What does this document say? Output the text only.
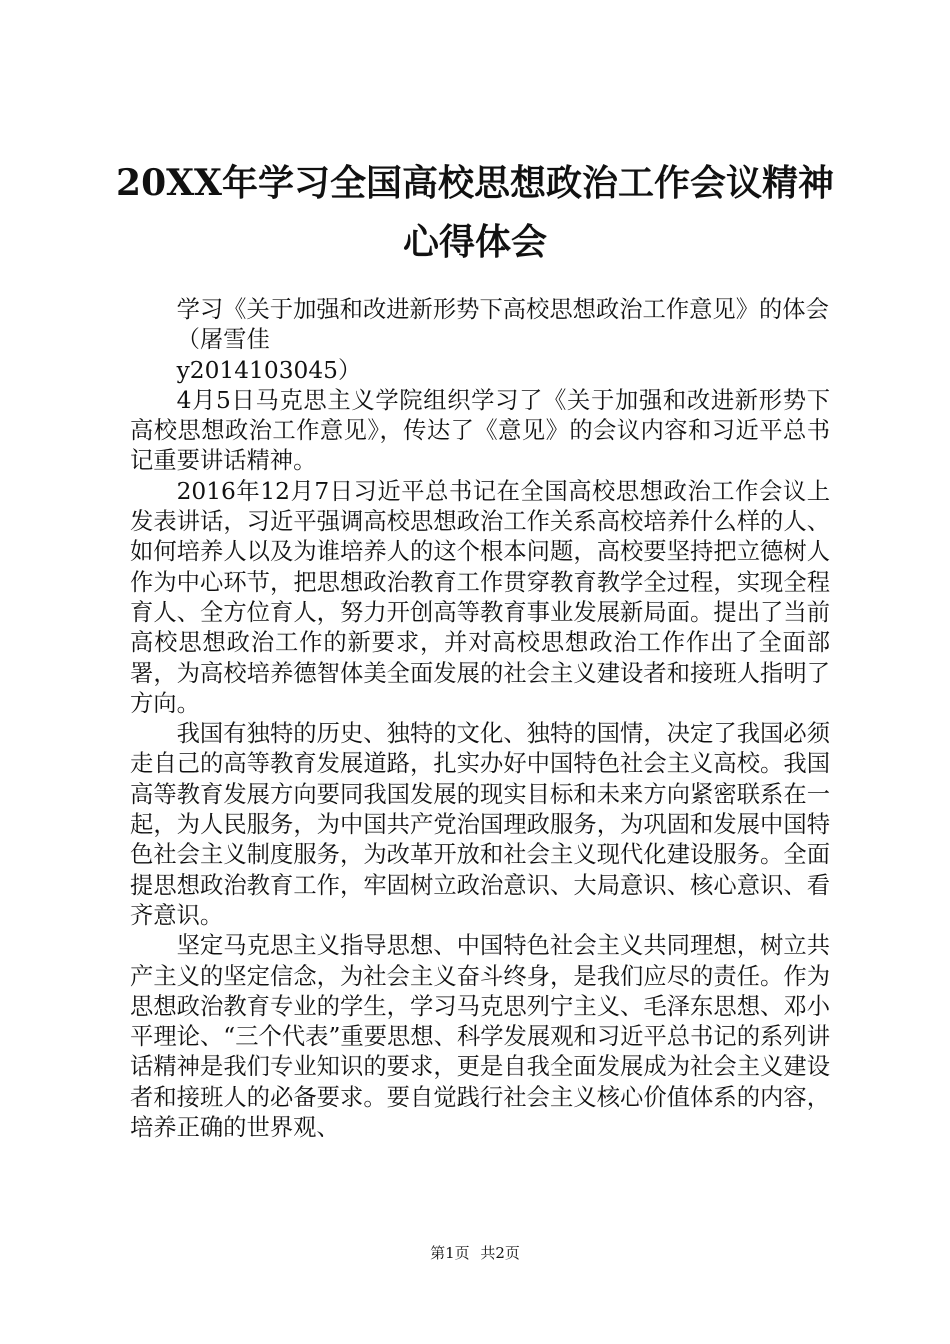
20XX年学习全国高校思想政治工作会议精神
心得体会

学习《关于加强和改进新形势下高校思想政治工作意见》的体会

（屠雪佳

y2014103045）

4月5日马克思主义学院组织学习了《关于加强和改进新形势下高校思想政治工作意见》，传达了《意见》的会议内容和习近平总书记重要讲话精神。

2016年12月7日习近平总书记在全国高校思想政治工作会议上发表讲话，习近平强调高校思想政治工作关系高校培养什么样的人、如何培养人以及为谁培养人的这个根本问题，高校要坚持把立德树人作为中心环节，把思想政治教育工作贯穿教育教学全过程，实现全程育人、全方位育人，努力开创高等教育事业发展新局面。提出了当前高校思想政治工作的新要求，并对高校思想政治工作作出了全面部署，为高校培养德智体美全面发展的社会主义建设者和接班人指明了方向。

我国有独特的历史、独特的文化、独特的国情，决定了我国必须走自己的高等教育发展道路，扎实办好中国特色社会主义高校。我国高等教育发展方向要同我国发展的现实目标和未来方向紧密联系在一起，为人民服务，为中国共产党治国理政服务，为巩固和发展中国特色社会主义制度服务，为改革开放和社会主义现代化建设服务。全面提思想政治教育工作，牢固树立政治意识、大局意识、核心意识、看齐意识。

坚定马克思主义指导思想、中国特色社会主义共同理想，树立共产主义的坚定信念，为社会主义奋斗终身，是我们应尽的责任。作为思想政治教育专业的学生，学习马克思列宁主义、毛泽东思想、邓小平理论、“三个代表”重要思想、科学发展观和习近平总书记的系列讲话精神是我们专业知识的要求，更是自我全面发展成为社会主义建设者和接班人的必备要求。要自觉践行社会主义核心价值体系的内容，培养正确的世界观、

第1页 共2页
